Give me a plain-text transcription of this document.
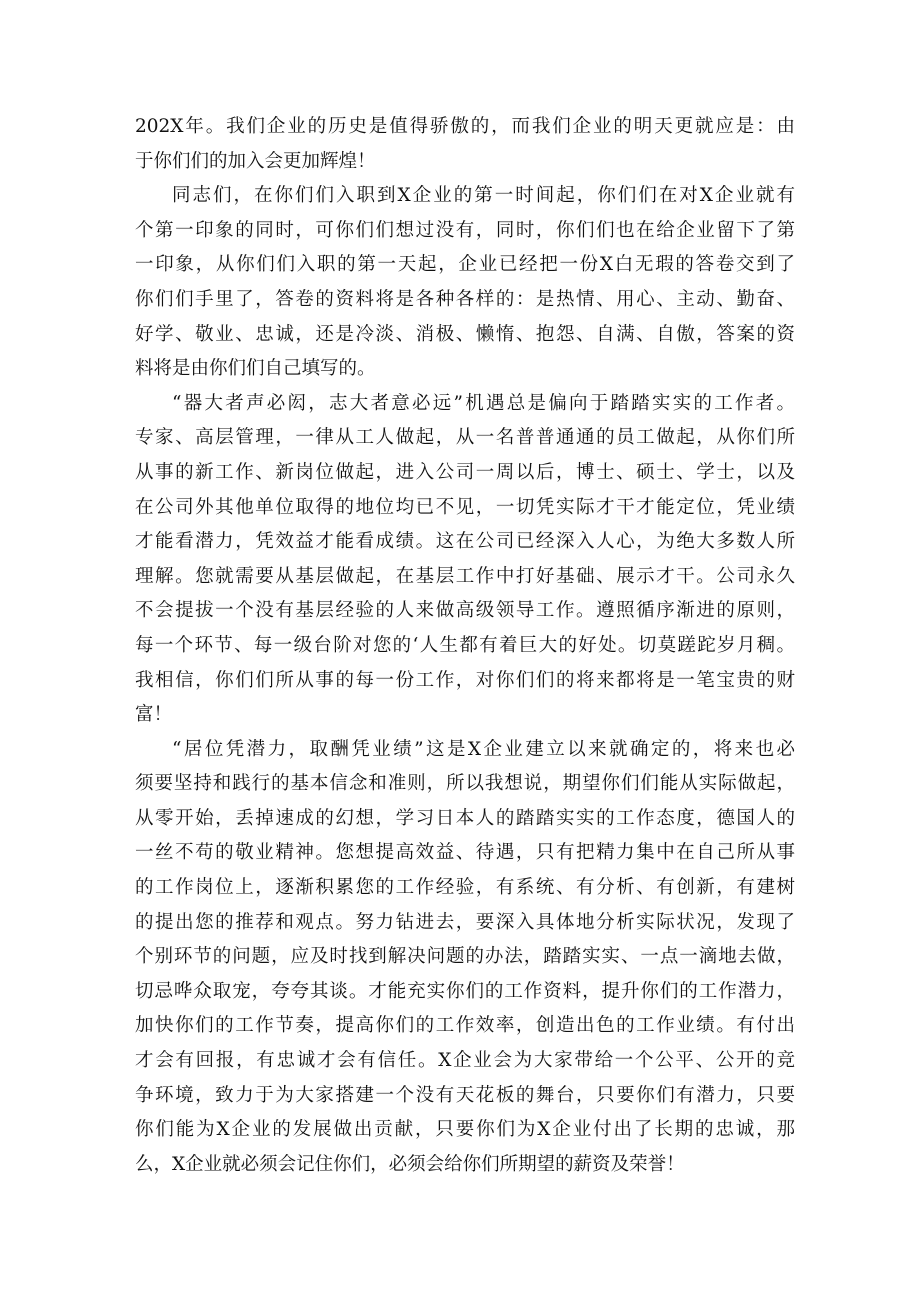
202X年。我们企业的历史是值得骄傲的，而我们企业的明天更就应是：由
于你们们的加入会更加辉煌！
同志们，在你们们入职到X企业的第一时间起，你们们在对X企业就有
个第一印象的同时，可你们们想过没有，同时，你们们也在给企业留下了第
一印象，从你们们入职的第一天起，企业已经把一份X白无瑕的答卷交到了
你们们手里了，答卷的资料将是各种各样的：是热情、用心、主动、勤奋、
好学、敬业、忠诚，还是冷淡、消极、懒惰、抱怨、自满、自傲，答案的资
料将是由你们们自己填写的。
“器大者声必闳，志大者意必远”机遇总是偏向于踏踏实实的工作者。
专家、高层管理，一律从工人做起，从一名普普通通的员工做起，从你们所
从事的新工作、新岗位做起，进入公司一周以后，博士、硕士、学士，以及
在公司外其他单位取得的地位均已不见，一切凭实际才干才能定位，凭业绩
才能看潜力，凭效益才能看成绩。这在公司已经深入人心，为绝大多数人所
理解。您就需要从基层做起，在基层工作中打好基础、展示才干。公司永久
不会提拔一个没有基层经验的人来做高级领导工作。遵照循序渐进的原则，
每一个环节、每一级台阶对您的‘人生都有着巨大的好处。切莫蹉跎岁月稠。
我相信，你们们所从事的每一份工作，对你们们的将来都将是一笔宝贵的财
富！
“居位凭潜力，取酬凭业绩”这是X企业建立以来就确定的，将来也必
须要坚持和践行的基本信念和准则，所以我想说，期望你们们能从实际做起，
从零开始，丢掉速成的幻想，学习日本人的踏踏实实的工作态度，德国人的
一丝不苟的敬业精神。您想提高效益、待遇，只有把精力集中在自己所从事
的工作岗位上，逐渐积累您的工作经验，有系统、有分析、有创新，有建树
的提出您的推荐和观点。努力钻进去，要深入具体地分析实际状况，发现了
个别环节的问题，应及时找到解决问题的办法，踏踏实实、一点一滴地去做，
切忌哗众取宠，夸夸其谈。才能充实你们的工作资料，提升你们的工作潜力，
加快你们的工作节奏，提高你们的工作效率，创造出色的工作业绩。有付出
才会有回报，有忠诚才会有信任。X企业会为大家带给一个公平、公开的竞
争环境，致力于为大家搭建一个没有天花板的舞台，只要你们有潜力，只要
你们能为X企业的发展做出贡献，只要你们为X企业付出了长期的忠诚，那
么，X企业就必须会记住你们，必须会给你们所期望的薪资及荣誉！
